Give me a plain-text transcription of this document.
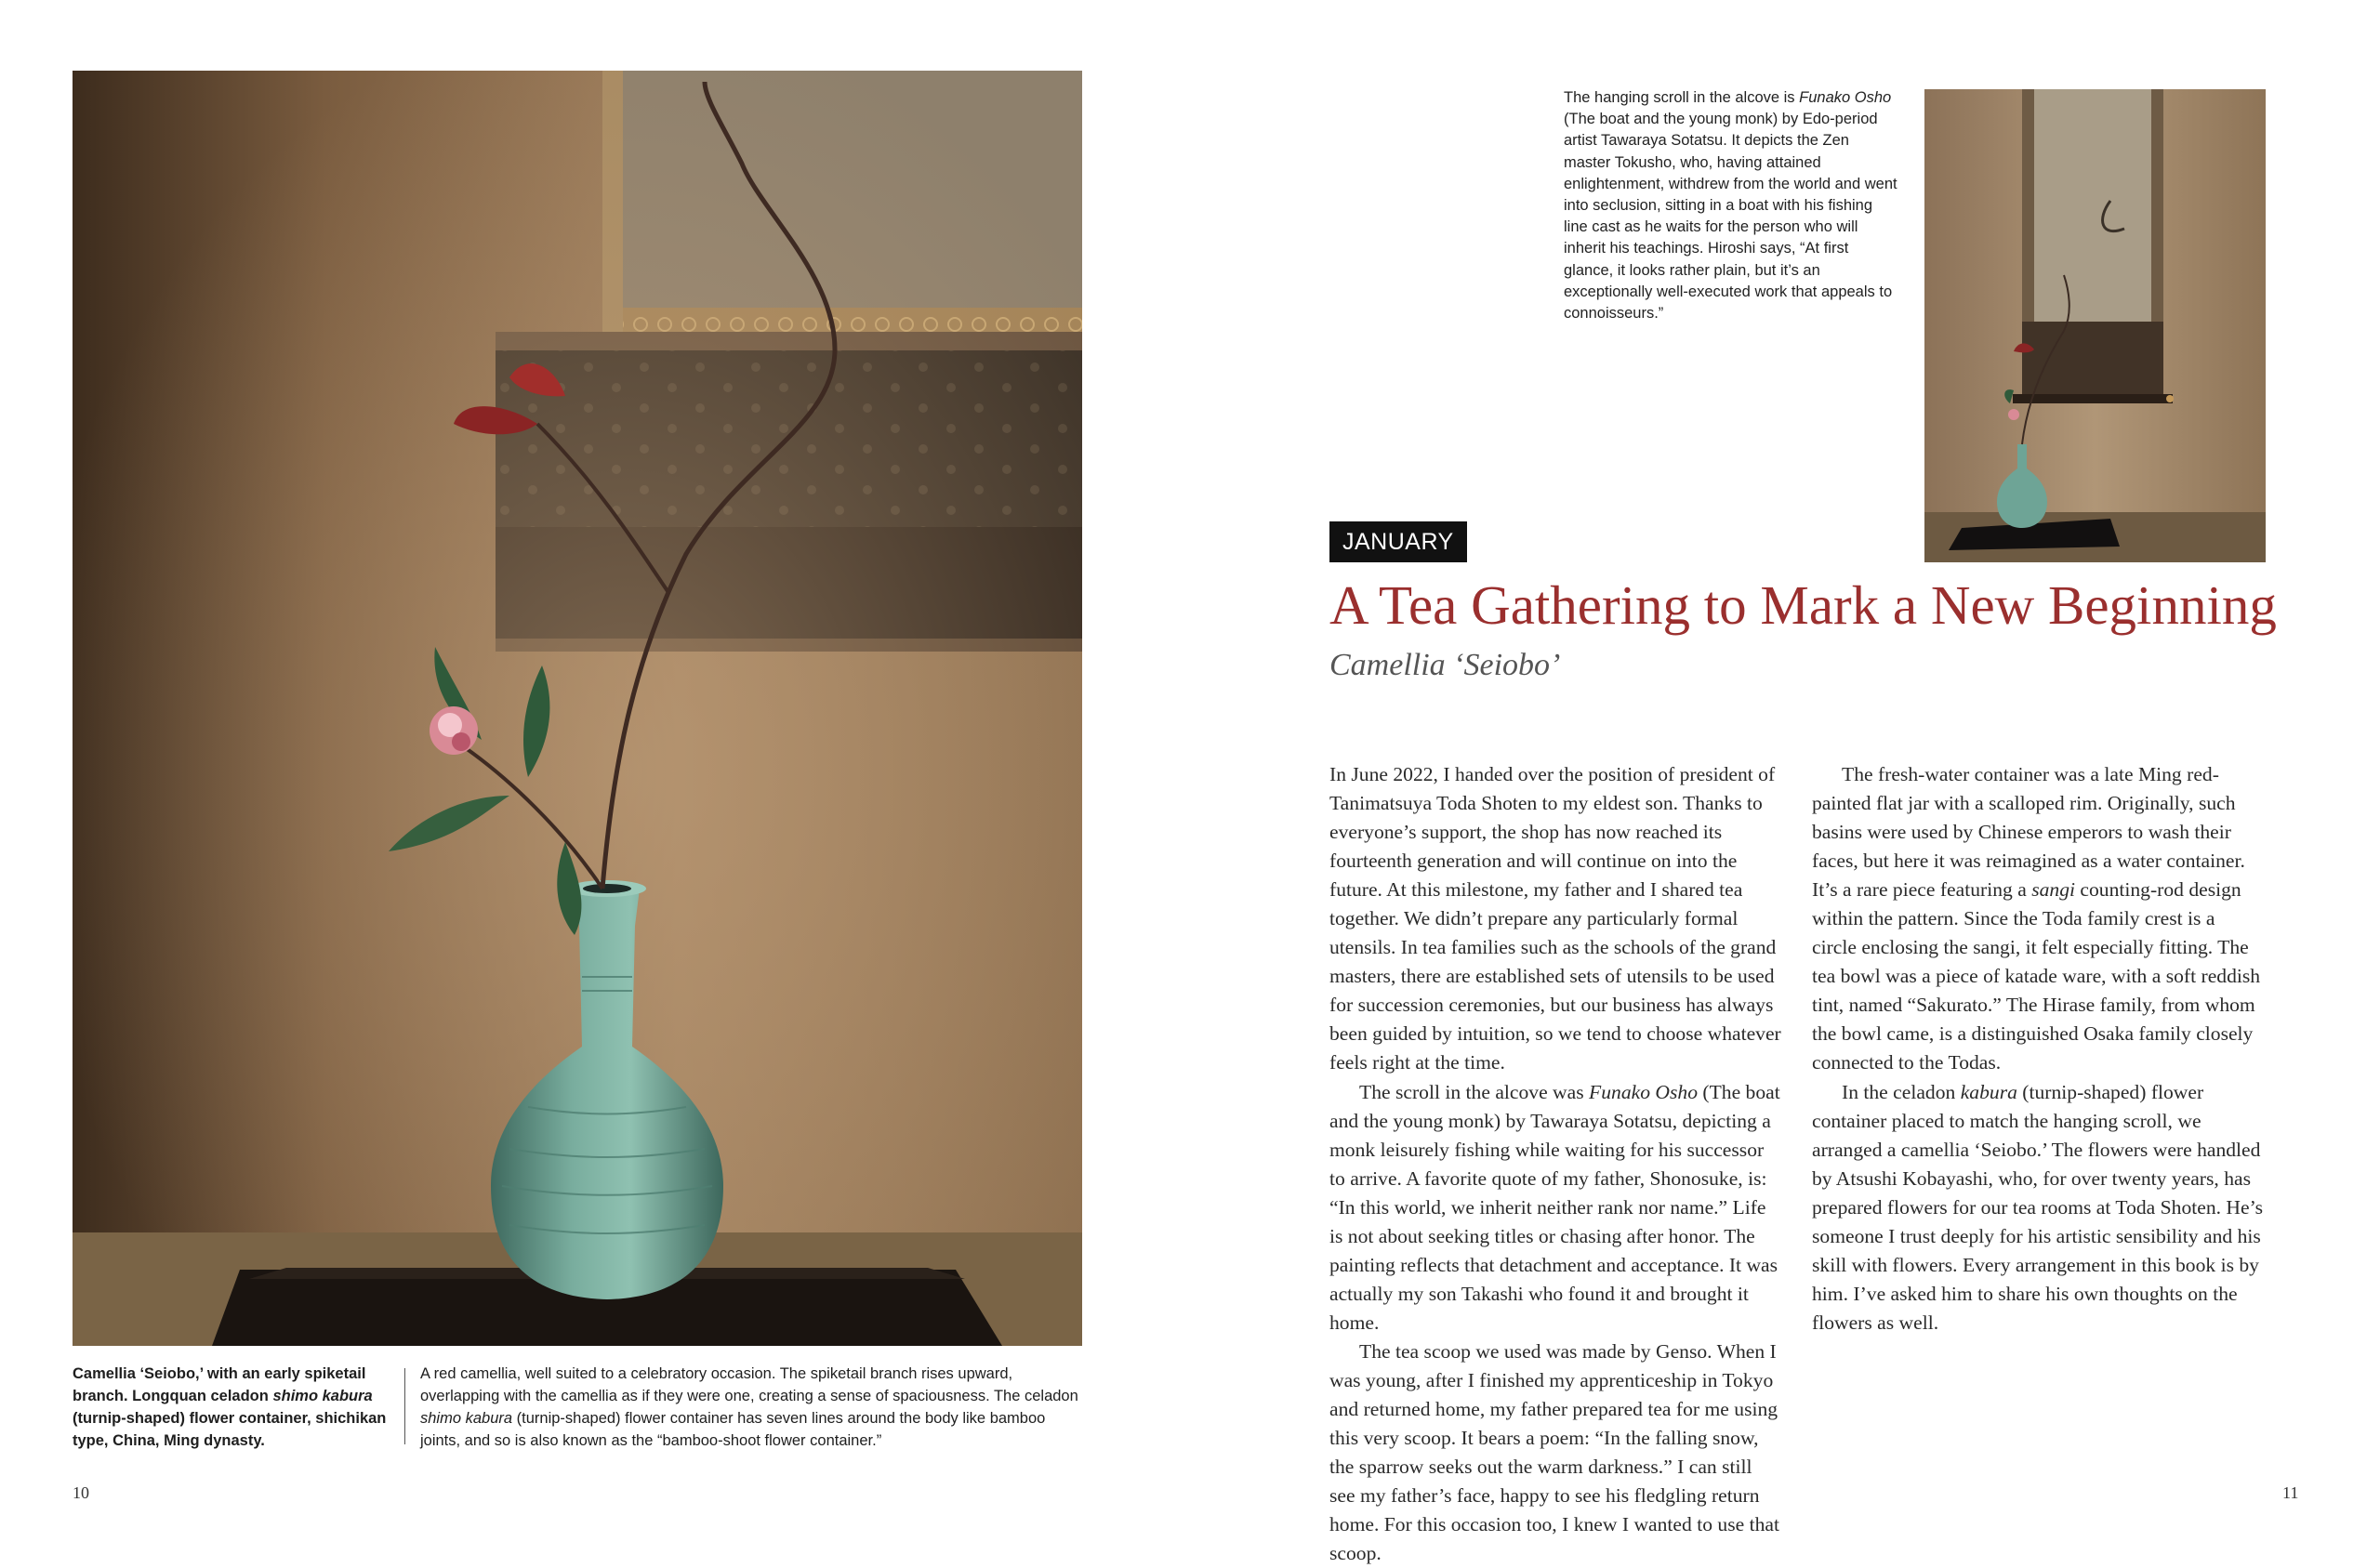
Camellia ‘Seiobo,’ with an early spiketail branch. Longquan celadon shimo kabura (turnip-shaped) flower container, shichikan type, China, Ming dynasty.
A red camellia, well suited to a celebratory occasion. The spiketail branch rises upward, overlapping with the camellia as if they were one, creating a sense of spaciousness. The celadon shimo kabura (turnip-shaped) flower container has seven lines around the body like bamboo joints, and so is also known as the “bamboo-shoot flower container.”
10
The hanging scroll in the alcove is Funako Osho (The boat and the young monk) by Edo-period artist Tawaraya Sotatsu. It depicts the Zen master Tokusho, who, having attained enlightenment, withdrew from the world and went into seclusion, sitting in a boat with his fishing line cast as he waits for the person who will inherit his teachings. Hiroshi says, “At first glance, it looks rather plain, but it’s an exceptionally well-executed work that appeals to connoisseurs.”
JANUARY
A Tea Gathering to Mark a New Beginning
Camellia ‘Seiobo’

In June 2022, I handed over the position of president of Tanimatsuya Toda Shoten to my eldest son. Thanks to everyone’s support, the shop has now reached its fourteenth generation and will continue on into the future. At this milestone, my father and I shared tea together. We didn’t prepare any particularly formal utensils. In tea families such as the schools of the grand masters, there are established sets of utensils to be used for succession ceremonies, but our business has always been guided by intuition, so we tend to choose whatever feels right at the time.

The scroll in the alcove was Funako Osho (The boat and the young monk) by Tawaraya Sotatsu, depicting a monk leisurely fishing while waiting for his successor to arrive. A favorite quote of my father, Shonosuke, is: “In this world, we inherit neither rank nor name.” Life is not about seeking titles or chasing after honor. The painting reflects that detachment and acceptance. It was actually my son Takashi who found it and brought it home.

The tea scoop we used was made by Genso. When I was young, after I finished my apprenticeship in Tokyo and returned home, my father prepared tea for me using this very scoop. It bears a poem: “In the falling snow, the sparrow seeks out the warm darkness.” I can still see my father’s face, happy to see his fledgling return home. For this occasion too, I knew I wanted to use that scoop.

The fresh-water container was a late Ming red-painted flat jar with a scalloped rim. Originally, such basins were used by Chinese emperors to wash their faces, but here it was reimagined as a water container. It’s a rare piece featuring a sangi counting-rod design within the pattern. Since the Toda family crest is a circle enclosing the sangi, it felt especially fitting. The tea bowl was a piece of katade ware, with a soft reddish tint, named “Sakurato.” The Hirase family, from whom the bowl came, is a distinguished Osaka family closely connected to the Todas.

In the celadon kabura (turnip-shaped) flower container placed to match the hanging scroll, we arranged a camellia ‘Seiobo.’ The flowers were handled by Atsushi Kobayashi, who, for over twenty years, has prepared flowers for our tea rooms at Toda Shoten. He’s someone I trust deeply for his artistic sensibility and his skill with flowers. Every arrangement in this book is by him. I’ve asked him to share his own thoughts on the flowers as well.

11
